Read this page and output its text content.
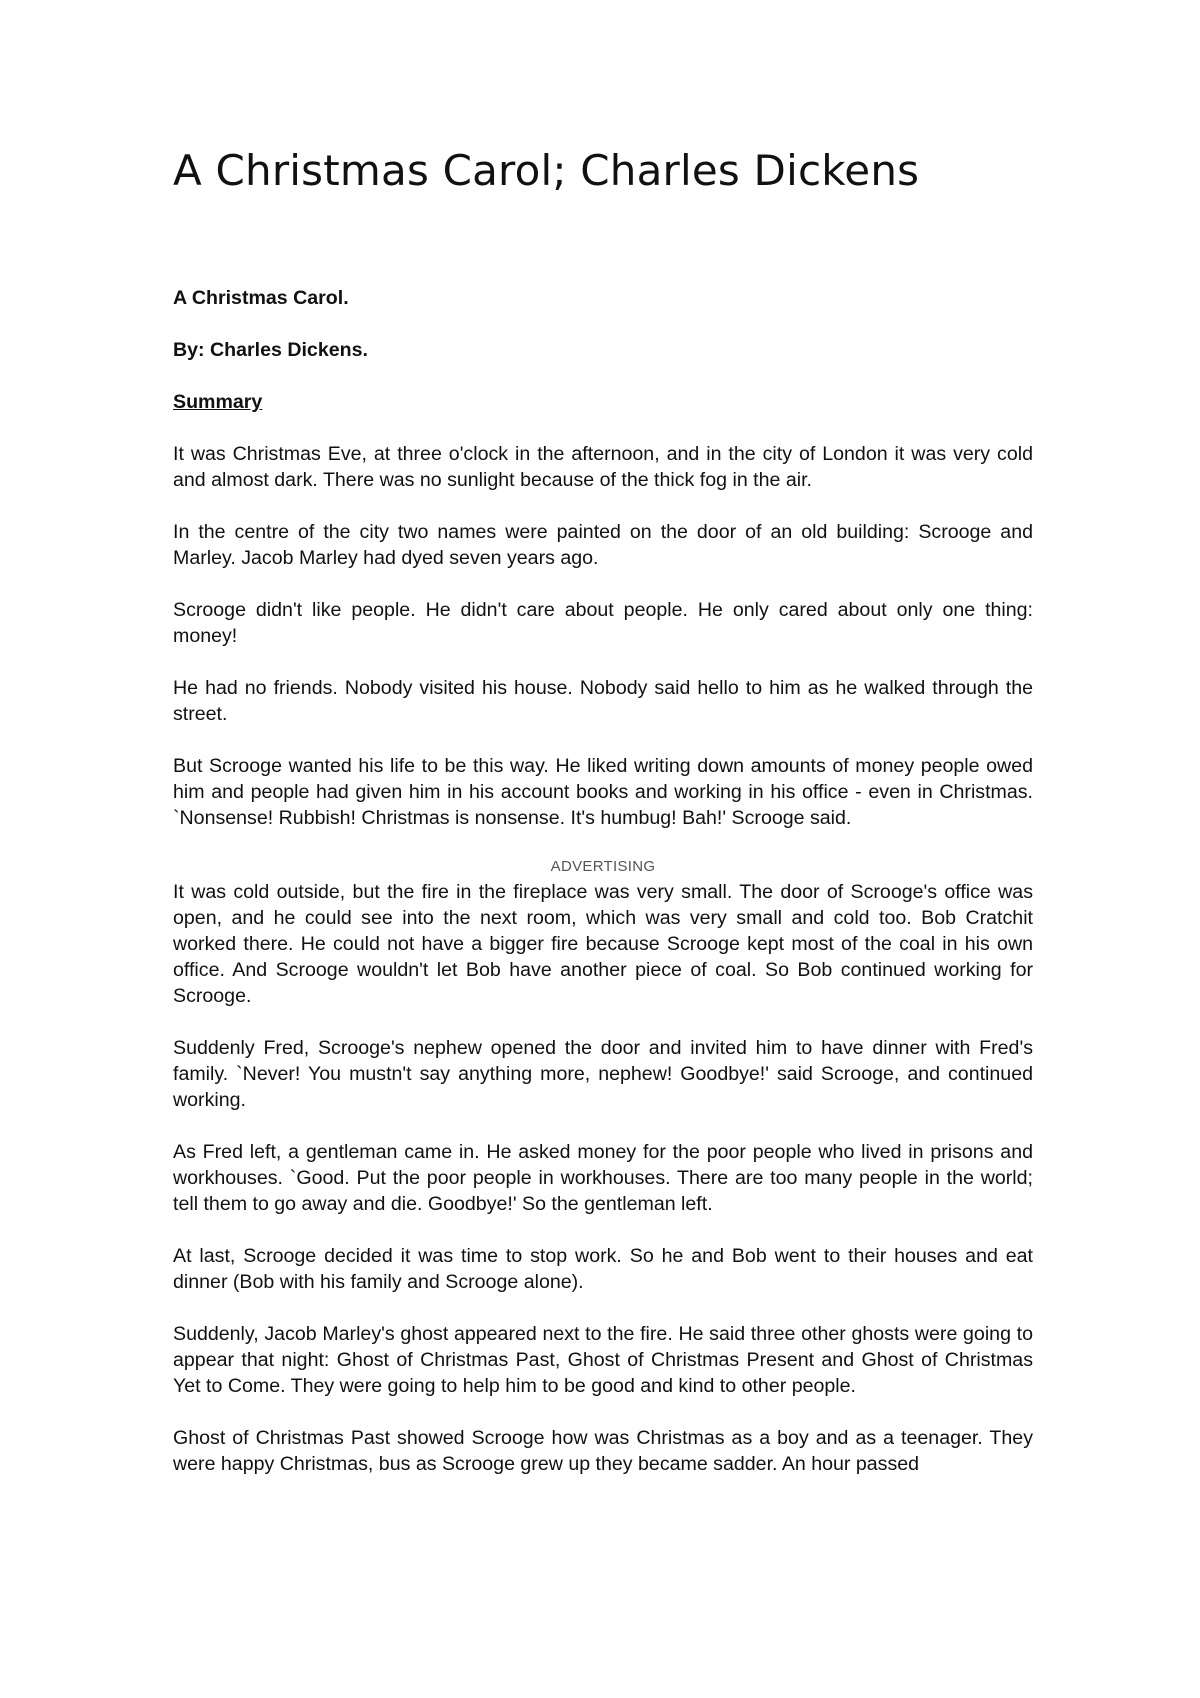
A Christmas Carol; Charles Dickens

A Christmas Carol.

By: Charles Dickens.

Summary

It was Christmas Eve, at three o'clock in the afternoon, and in the city of London it was very cold and almost dark. There was no sunlight because of the thick fog in the air.

In the centre of the city two names were painted on the door of an old building: Scrooge and Marley. Jacob Marley had dyed seven years ago.

Scrooge didn't like people. He didn't care about people. He only cared about only one thing: money!

He had no friends. Nobody visited his house. Nobody said hello to him as he walked through the street.

But Scrooge wanted his life to be this way. He liked writing down amounts of money people owed him and people had given him in his account books and working in his office - even in Christmas. `Nonsense! Rubbish! Christmas is nonsense. It's humbug! Bah!' Scrooge said.

ADVERTISING

It was cold outside, but the fire in the fireplace was very small. The door of Scrooge's office was open, and he could see into the next room, which was very small and cold too. Bob Cratchit worked there. He could not have a bigger fire because Scrooge kept most of the coal in his own office. And Scrooge wouldn't let Bob have another piece of coal. So Bob continued working for Scrooge.

Suddenly Fred, Scrooge's nephew opened the door and invited him to have dinner with Fred's family. `Never! You mustn't say anything more, nephew! Goodbye!' said Scrooge, and continued working.

As Fred left, a gentleman came in. He asked money for the poor people who lived in prisons and workhouses. `Good. Put the poor people in workhouses. There are too many people in the world; tell them to go away and die. Goodbye!' So the gentleman left.

At last, Scrooge decided it was time to stop work. So he and Bob went to their houses and eat dinner (Bob with his family and Scrooge alone).

Suddenly, Jacob Marley's ghost appeared next to the fire. He said three other ghosts were going to appear that night: Ghost of Christmas Past, Ghost of Christmas Present and Ghost of Christmas Yet to Come. They were going to help him to be good and kind to other people.

Ghost of Christmas Past showed Scrooge how was Christmas as a boy and as a teenager. They were happy Christmas, bus as Scrooge grew up they became sadder. An hour passed
